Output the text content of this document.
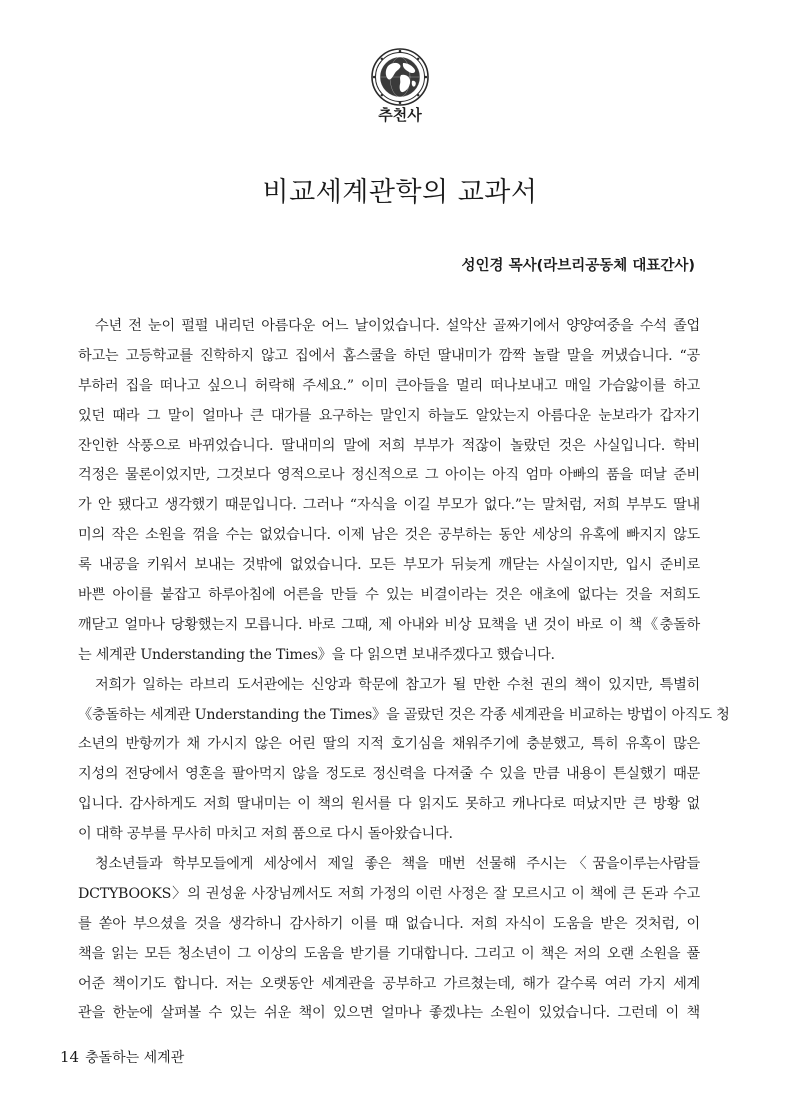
추천사
비교세계관학의 교과서
성인경 목사(라브리공동체 대표간사)
수년 전 눈이 펄펄 내리던 아름다운 어느 날이었습니다. 설악산 골짜기에서 양양여중을 수석 졸업
하고는 고등학교를 진학하지 않고 집에서 홈스쿨을 하던 딸내미가 깜짝 놀랄 말을 꺼냈습니다. “공
부하러 집을 떠나고 싶으니 허락해 주세요.” 이미 큰아들을 멀리 떠나보내고 매일 가슴앓이를 하고
있던 때라 그 말이 얼마나 큰 대가를 요구하는 말인지 하늘도 알았는지 아름다운 눈보라가 갑자기
잔인한 삭풍으로 바뀌었습니다. 딸내미의 말에 저희 부부가 적잖이 놀랐던 것은 사실입니다. 학비
걱정은 물론이었지만, 그것보다 영적으로나 정신적으로 그 아이는 아직 엄마 아빠의 품을 떠날 준비
가 안 됐다고 생각했기 때문입니다. 그러나 “자식을 이길 부모가 없다.”는 말처럼, 저희 부부도 딸내
미의 작은 소원을 꺾을 수는 없었습니다. 이제 남은 것은 공부하는 동안 세상의 유혹에 빠지지 않도
록 내공을 키워서 보내는 것밖에 없었습니다. 모든 부모가 뒤늦게 깨닫는 사실이지만, 입시 준비로
바쁜 아이를 붙잡고 하루아침에 어른을 만들 수 있는 비결이라는 것은 애초에 없다는 것을 저희도
깨닫고 얼마나 당황했는지 모릅니다. 바로 그때, 제 아내와 비상 묘책을 낸 것이 바로 이 책《충돌하
는 세계관 Understanding the Times》을 다 읽으면 보내주겠다고 했습니다.
저희가 일하는 라브리 도서관에는 신앙과 학문에 참고가 될 만한 수천 권의 책이 있지만, 특별히
《충돌하는 세계관 Understanding the Times》을 골랐던 것은 각종 세계관을 비교하는 방법이 아직도 청
소년의 반항끼가 채 가시지 않은 어린 딸의 지적 호기심을 채워주기에 충분했고, 특히 유혹이 많은
지성의 전당에서 영혼을 팔아먹지 않을 정도로 정신력을 다져줄 수 있을 만큼 내용이 튼실했기 때문
입니다. 감사하게도 저희 딸내미는 이 책의 원서를 다 읽지도 못하고 캐나다로 떠났지만 큰 방황 없
이 대학 공부를 무사히 마치고 저희 품으로 다시 돌아왔습니다.
청소년들과 학부모들에게 세상에서 제일 좋은 책을 매번 선물해 주시는〈꿈을이루는사람들
DCTYBOOKS〉의 권성윤 사장님께서도 저희 가정의 이런 사정은 잘 모르시고 이 책에 큰 돈과 수고
를 쏟아 부으셨을 것을 생각하니 감사하기 이를 때 없습니다. 저희 자식이 도움을 받은 것처럼, 이
책을 읽는 모든 청소년이 그 이상의 도움을 받기를 기대합니다. 그리고 이 책은 저의 오랜 소원을 풀
어준 책이기도 합니다. 저는 오랫동안 세계관을 공부하고 가르쳤는데, 해가 갈수록 여러 가지 세계
관을 한눈에 살펴볼 수 있는 쉬운 책이 있으면 얼마나 좋겠냐는 소원이 있었습니다. 그런데 이 책
14 충돌하는 세계관
